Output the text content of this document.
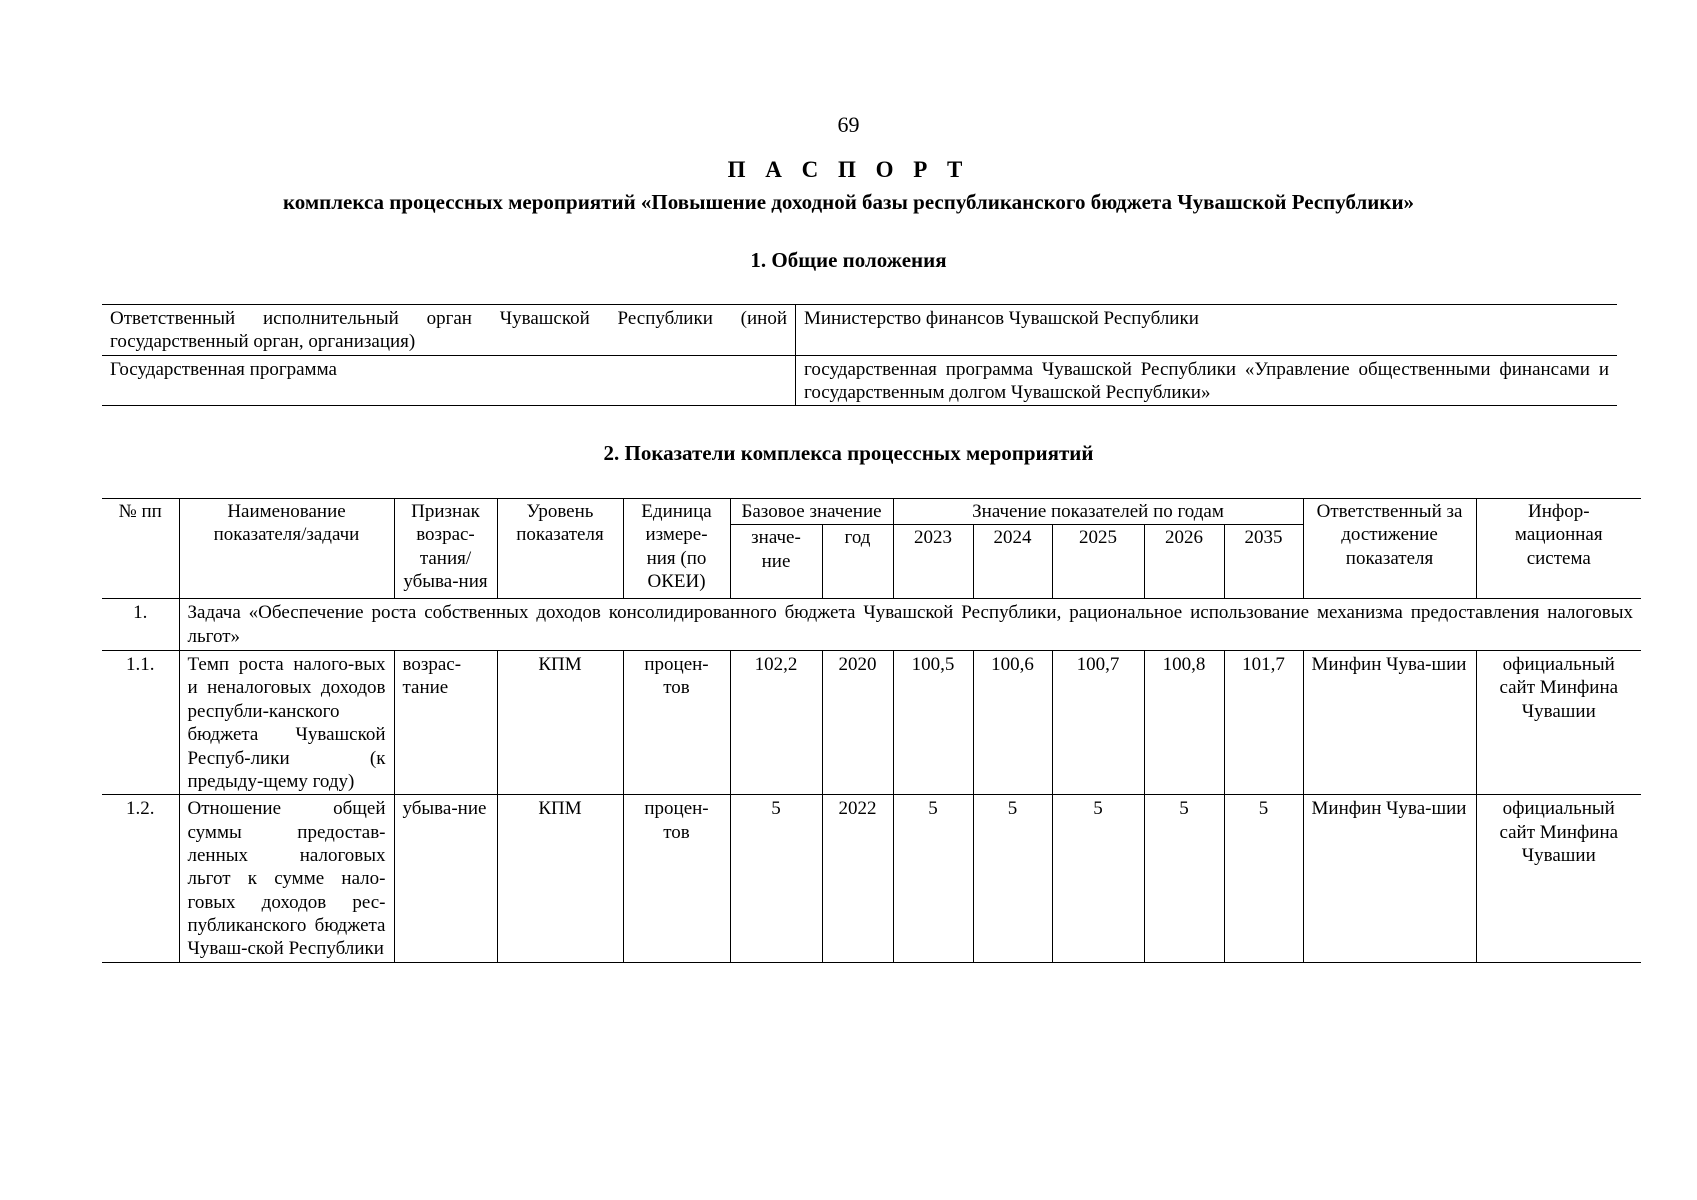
69
П А С П О Р Т
комплекса процессных мероприятий «Повышение доходной базы республиканского бюджета Чувашской Республики»
1. Общие положения
Ответственный исполнительный орган Чувашской Республики (иной государственный орган, организация)	Министерство финансов Чувашской Республики
Государственная программа	государственная программа Чувашской Республики «Управление общественными финансами и государственным долгом Чувашской Республики»
2. Показатели комплекса процессных мероприятий
№ пп	Наименование показателя/задачи	Признак возрас-тания/ убыва-ния	Уровень показателя	Единица измере-ния (по ОКЕИ)	Базовое значение		Значение показателей по годам					Ответственный за достижение показателя	Инфор-мационная система
					значе-ние	год	2023	2024	2025	2026	2035		
1.	Задача «Обеспечение роста собственных доходов консолидированного бюджета Чувашской Республики, рациональное использование механизма предоставления налоговых льгот»												
1.1.	Темп роста налого-вых и неналоговых доходов республи-канского бюджета Чувашской Респуб-лики (к предыду-щему году)	возрас-тание	КПМ	процен-тов	102,2	2020	100,5	100,6	100,7	100,8	101,7	Минфин Чува-шии	официальный сайт Минфина Чувашии
1.2.	Отношение общей суммы предостав-ленных налоговых льгот к сумме нало-говых доходов рес-публиканского бюджета Чуваш-ской Республики	убыва-ние	КПМ	процен-тов	5	2022	5	5	5	5	5	Минфин Чува-шии	официальный сайт Минфина Чувашии
